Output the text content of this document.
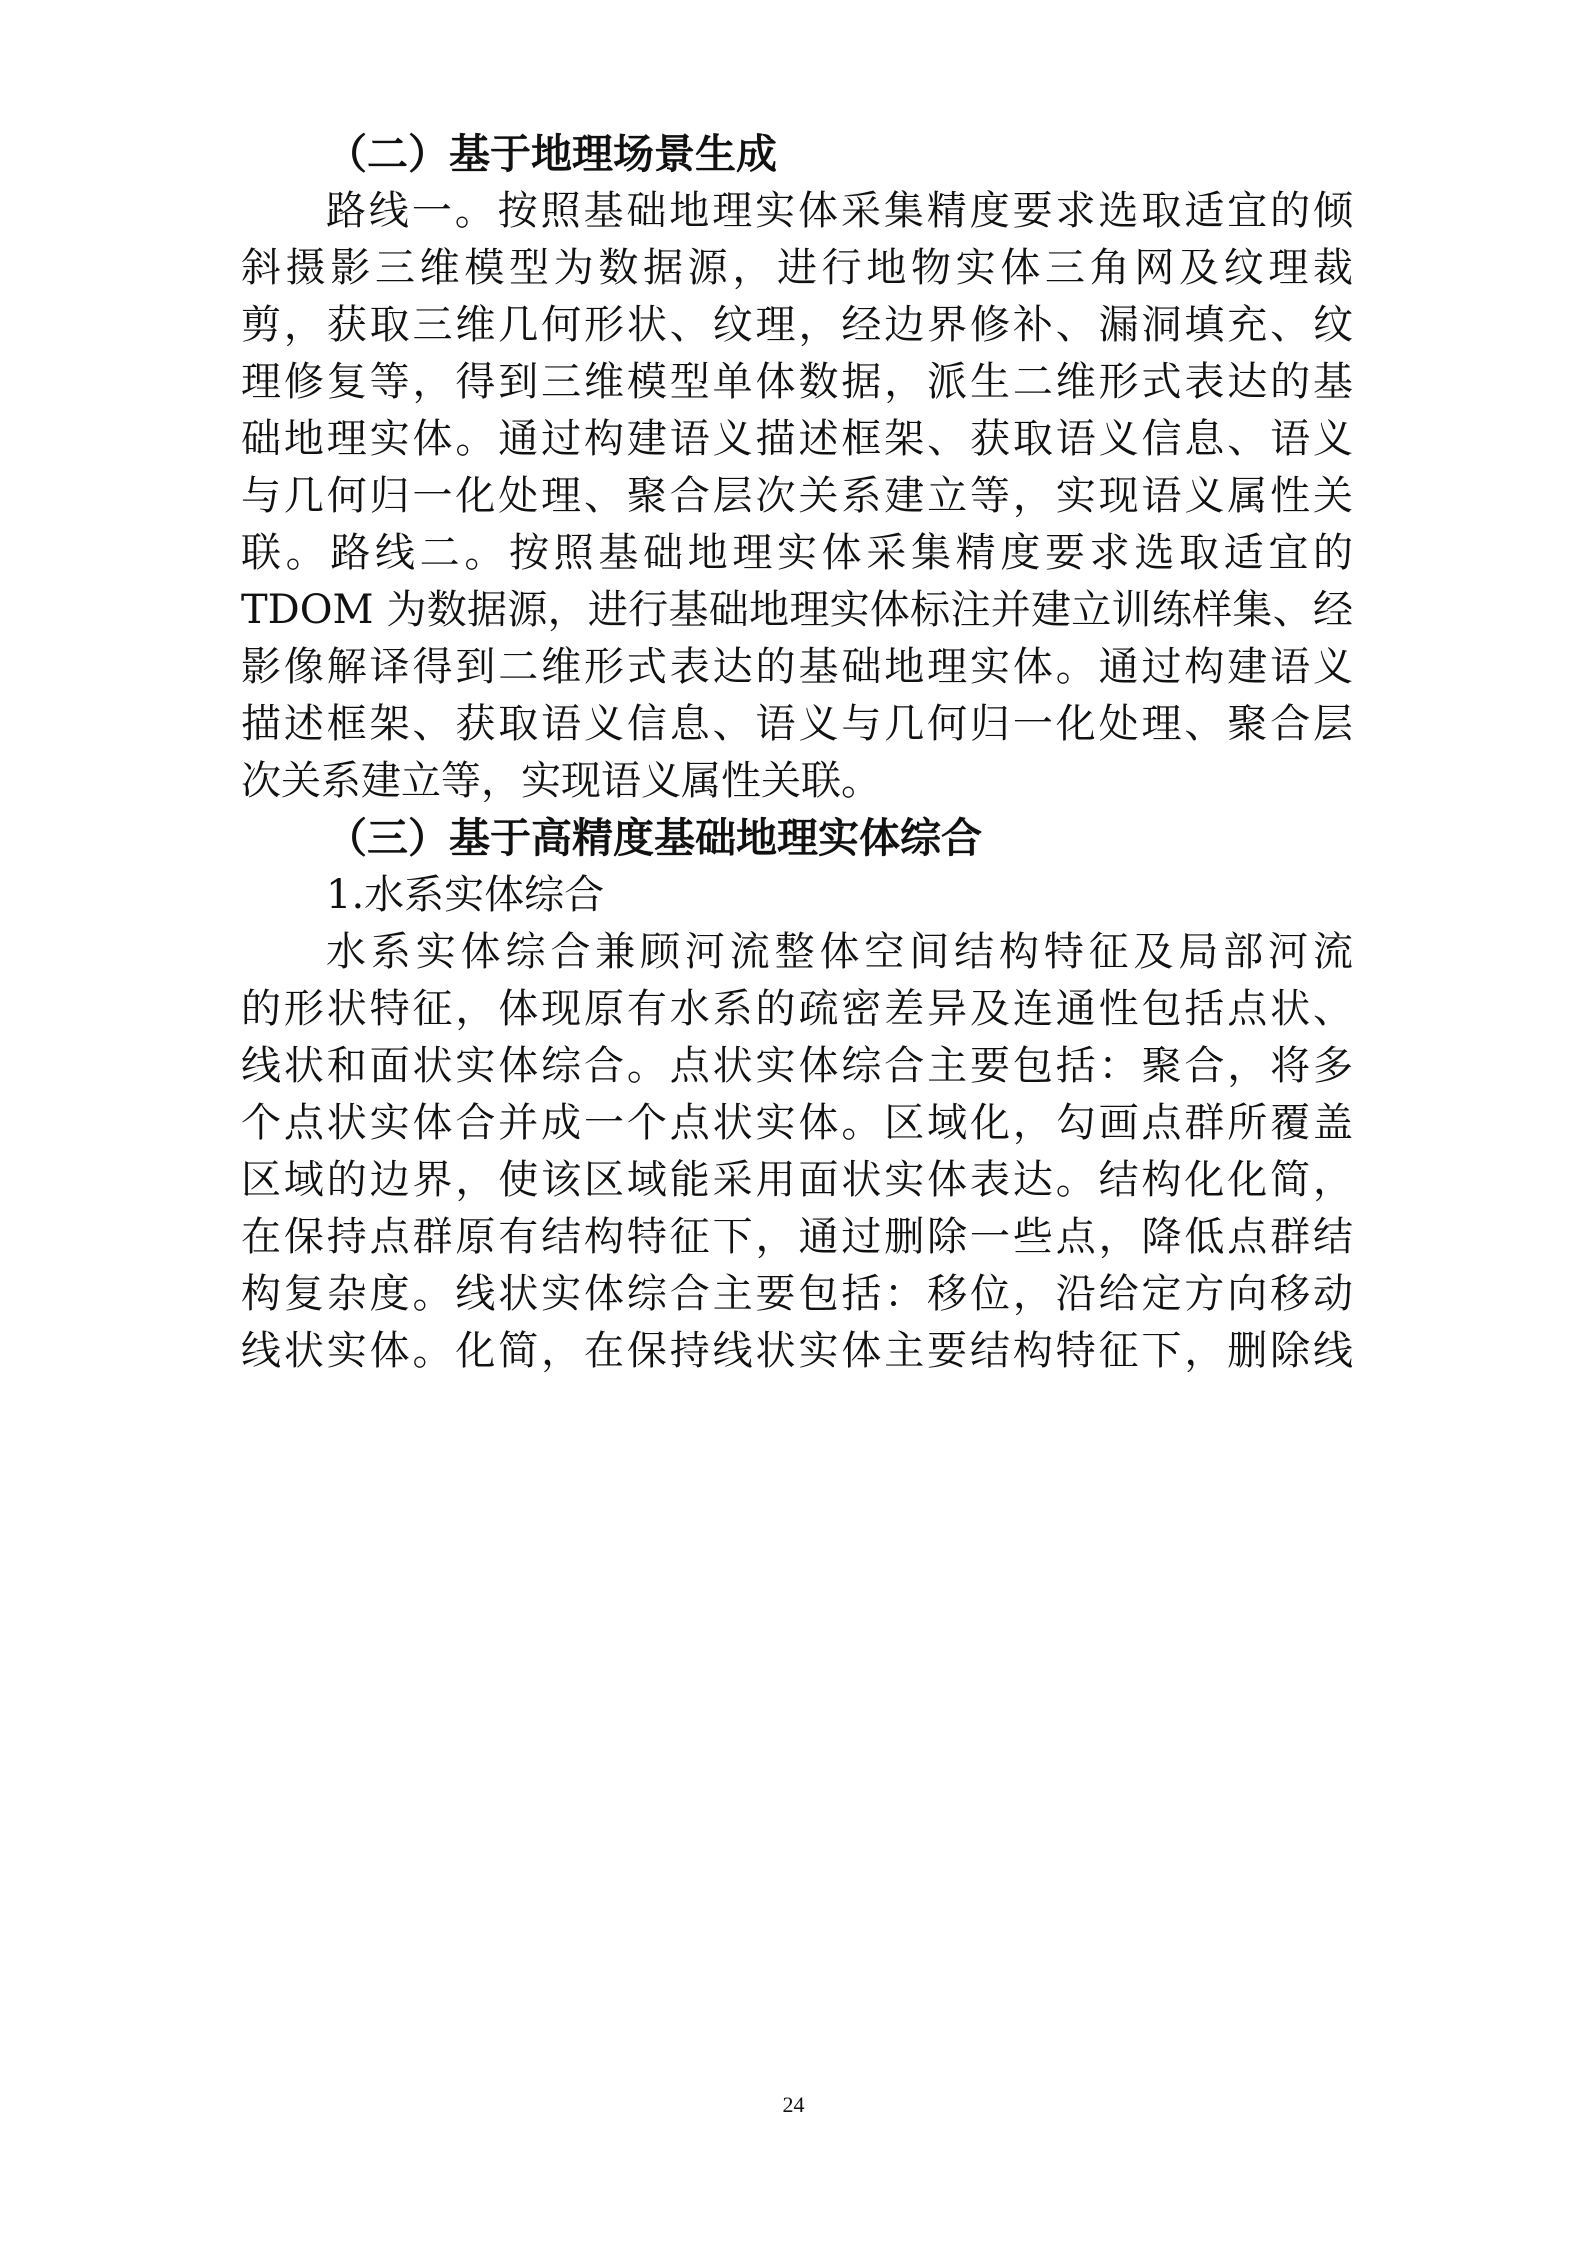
（二）基于地理场景生成
路线一。按照基础地理实体采集精度要求选取适宜的倾
斜摄影三维模型为数据源，进行地物实体三角网及纹理裁
剪，获取三维几何形状、纹理，经边界修补、漏洞填充、纹
理修复等，得到三维模型单体数据，派生二维形式表达的基
础地理实体。通过构建语义描述框架、获取语义信息、语义
与几何归一化处理、聚合层次关系建立等，实现语义属性关
联。路线二。按照基础地理实体采集精度要求选取适宜的
TDOM 为数据源，进行基础地理实体标注并建立训练样集、经
影像解译得到二维形式表达的基础地理实体。通过构建语义
描述框架、获取语义信息、语义与几何归一化处理、聚合层
次关系建立等，实现语义属性关联。
（三）基于高精度基础地理实体综合
1.水系实体综合
水系实体综合兼顾河流整体空间结构特征及局部河流
的形状特征，体现原有水系的疏密差异及连通性包括点状、
线状和面状实体综合。点状实体综合主要包括：聚合，将多
个点状实体合并成一个点状实体。区域化，勾画点群所覆盖
区域的边界，使该区域能采用面状实体表达。结构化化简，
在保持点群原有结构特征下，通过删除一些点，降低点群结
构复杂度。线状实体综合主要包括：移位，沿给定方向移动
线状实体。化简，在保持线状实体主要结构特征下，删除线
24
